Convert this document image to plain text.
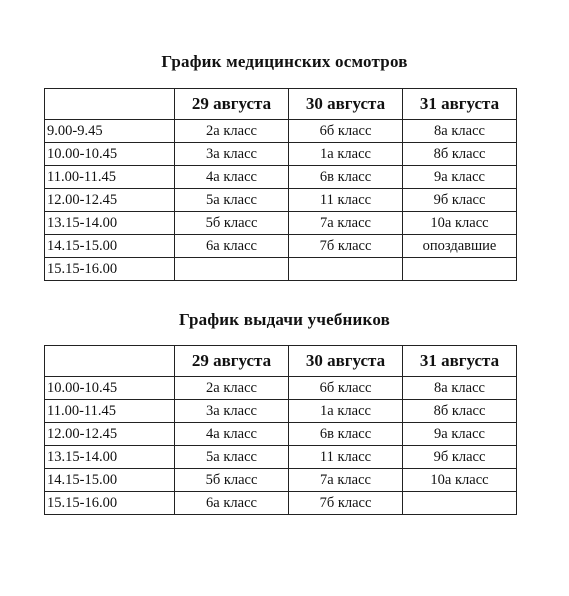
График медицинских осмотров
	29 августа	30 августа	31 августа
9.00-9.45	2а класс	6б класс	8а класс
10.00-10.45	3а класс	1а класс	8б класс
11.00-11.45	4а класс	6в класс	9а класс
12.00-12.45	5а класс	11 класс	9б класс
13.15-14.00	5б класс	7а класс	10а класс
14.15-15.00	6а класс	7б класс	опоздавшие
15.15-16.00			
График выдачи учебников
	29 августа	30 августа	31 августа
10.00-10.45	2а класс	6б класс	8а класс
11.00-11.45	3а класс	1а класс	8б класс
12.00-12.45	4а класс	6в класс	9а класс
13.15-14.00	5а класс	11 класс	9б класс
14.15-15.00	5б класс	7а класс	10а класс
15.15-16.00	6а класс	7б класс	
